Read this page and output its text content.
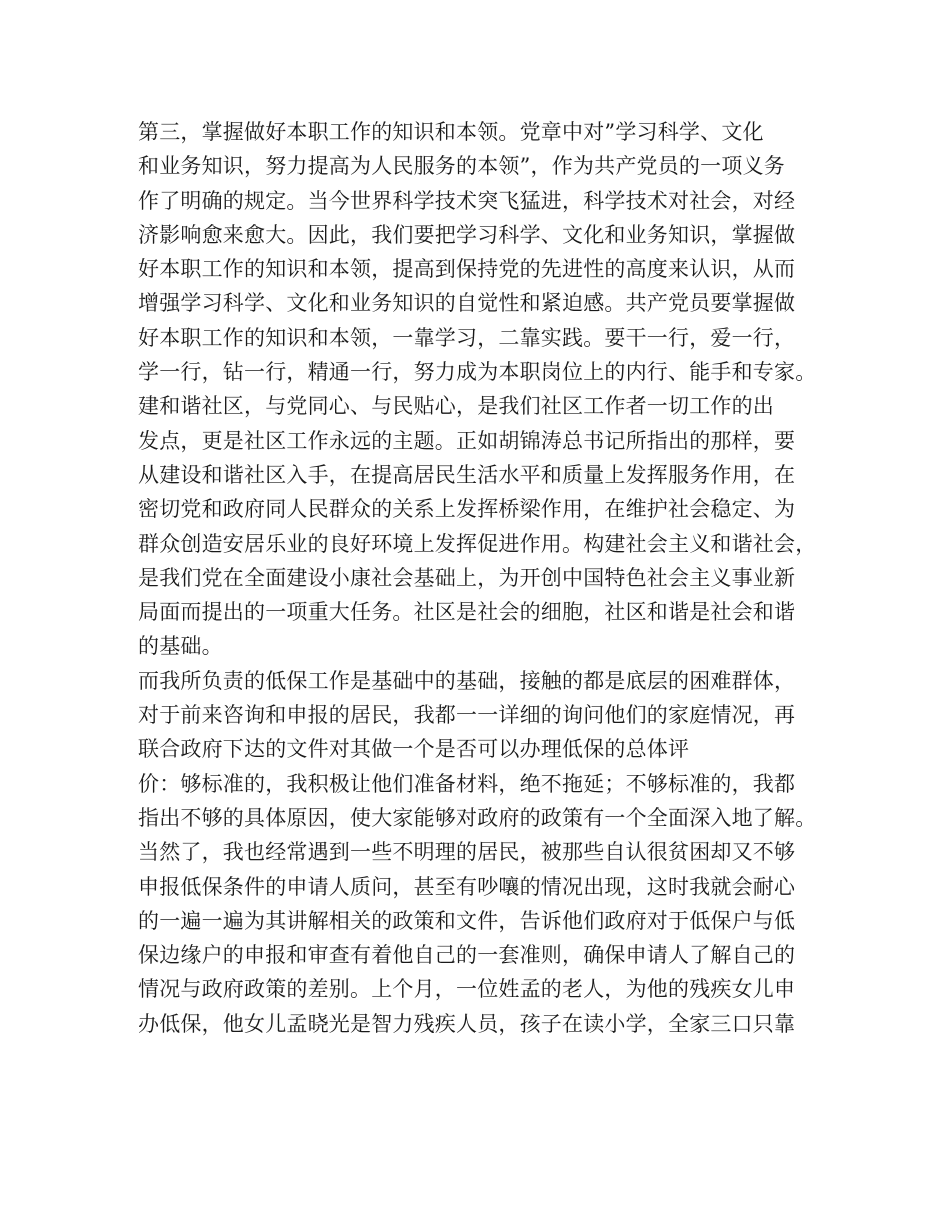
第三，掌握做好本职工作的知识和本领。党章中对”学习科学、文化
和业务知识，努力提高为人民服务的本领”，作为共产党员的一项义务
作了明确的规定。当今世界科学技术突飞猛进，科学技术对社会，对经
济影响愈来愈大。因此，我们要把学习科学、文化和业务知识，掌握做
好本职工作的知识和本领，提高到保持党的先进性的高度来认识，从而
增强学习科学、文化和业务知识的自觉性和紧迫感。共产党员要掌握做
好本职工作的知识和本领，一靠学习，二靠实践。要干一行，爱一行，
学一行，钻一行，精通一行，努力成为本职岗位上的内行、能手和专家。
建和谐社区，与党同心、与民贴心，是我们社区工作者一切工作的出
发点，更是社区工作永远的主题。正如胡锦涛总书记所指出的那样，要
从建设和谐社区入手，在提高居民生活水平和质量上发挥服务作用，在
密切党和政府同人民群众的关系上发挥桥梁作用，在维护社会稳定、为
群众创造安居乐业的良好环境上发挥促进作用。构建社会主义和谐社会，
是我们党在全面建设小康社会基础上，为开创中国特色社会主义事业新
局面而提出的一项重大任务。社区是社会的细胞，社区和谐是社会和谐
的基础。
而我所负责的低保工作是基础中的基础，接触的都是底层的困难群体，
对于前来咨询和申报的居民，我都一一详细的询问他们的家庭情况，再
联合政府下达的文件对其做一个是否可以办理低保的总体评
价：够标准的，我积极让他们准备材料，绝不拖延；不够标准的，我都
指出不够的具体原因，使大家能够对政府的政策有一个全面深入地了解。
当然了，我也经常遇到一些不明理的居民，被那些自认很贫困却又不够
申报低保条件的申请人质问，甚至有吵嚷的情况出现，这时我就会耐心
的一遍一遍为其讲解相关的政策和文件，告诉他们政府对于低保户与低
保边缘户的申报和审查有着他自己的一套准则，确保申请人了解自己的
情况与政府政策的差别。上个月，一位姓孟的老人，为他的残疾女儿申
办低保，他女儿孟晓光是智力残疾人员，孩子在读小学，全家三口只靠
